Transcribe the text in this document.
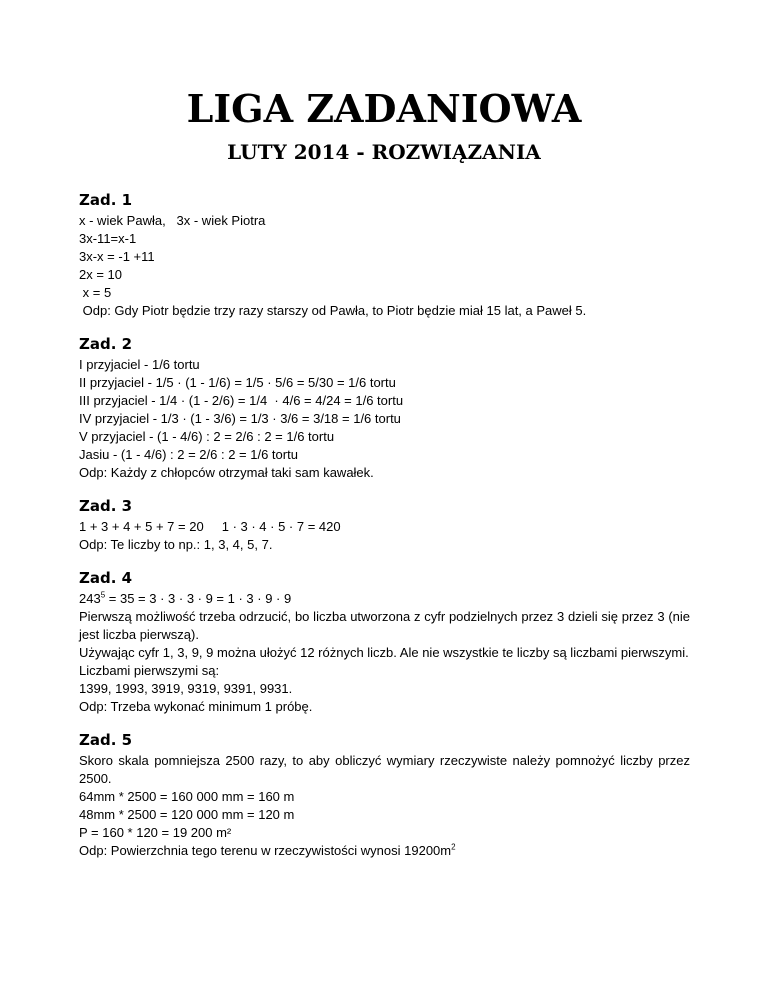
LIGA ZADANIOWA
LUTY 2014 - ROZWIĄZANIA
Zad. 1

x - wiek Pawła,   3x - wiek Piotra

3x-11=x-1

3x-x = -1 +11

2x = 10

x = 5

Odp: Gdy Piotr będzie trzy razy starszy od Pawła, to Piotr będzie miał 15 lat, a Paweł 5.

Zad. 2

I przyjaciel - 1/6 tortu

II przyjaciel - 1/5 · (1 - 1/6) = 1/5 · 5/6 = 5/30 = 1/6 tortu

III przyjaciel - 1/4 · (1 - 2/6) = 1/4  · 4/6 = 4/24 = 1/6 tortu

IV przyjaciel - 1/3 · (1 - 3/6) = 1/3 · 3/6 = 3/18 = 1/6 tortu

V przyjaciel - (1 - 4/6) : 2 = 2/6 : 2 = 1/6 tortu

Jasiu - (1 - 4/6) : 2 = 2/6 : 2 = 1/6 tortu

Odp: Każdy z chłopców otrzymał taki sam kawałek.

Zad. 3

1 + 3 + 4 + 5 + 7 = 20     1 · 3 · 4 · 5 · 7 = 420

Odp: Te liczby to np.: 1, 3, 4, 5, 7.

Zad. 4

$243^5 = 35 = 3 \cdot 3 \cdot 3 \cdot 9 = 1 \cdot 3 \cdot 9 \cdot 9$

Pierwszą możliwość trzeba odrzucić, bo liczba utworzona z cyfr podzielnych przez 3 dzieli się przez 3 (nie jest liczba pierwszą).

Używając cyfr 1, 3, 9, 9 można ułożyć 12 różnych liczb. Ale nie wszystkie te liczby są liczbami pierwszymi.

Liczbami pierwszymi są:

1399, 1993, 3919, 9319, 9391, 9931.

Odp: Trzeba wykonać minimum 1 próbę.

Zad. 5

Skoro skala pomniejsza 2500 razy, to aby obliczyć wymiary rzeczywiste należy pomnożyć liczby przez 2500.

64mm * 2500 = 160 000 mm = 160 m

48mm * 2500 = 120 000 mm = 120 m

P = 160 * 120 = 19 200 m²

Odp: Powierzchnia tego terenu w rzeczywistości wynosi $19200m^2$
